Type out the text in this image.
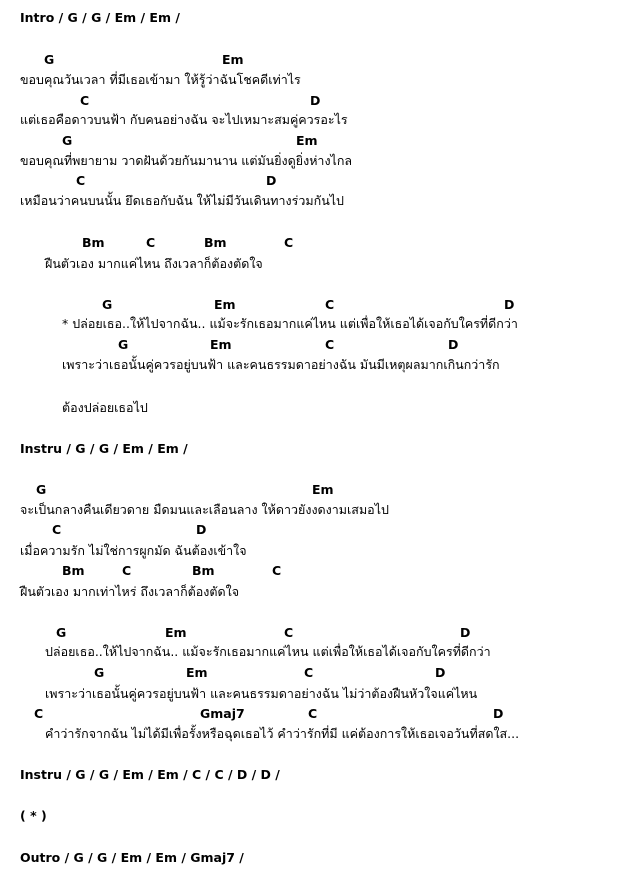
Intro / G / G / Em / Em /
G	Em
ขอบคุณวันเวลา ที่มีเธอเข้ามา ให้รู้ว่าฉันโชคดีเท่าไร
C	D
แต่เธอคือดาวบนฟ้า กับคนอย่างฉัน จะไปเหมาะสมคู่ควรอะไร
G	Em
ขอบคุณที่พยายาม วาดฝันด้วยกันมานาน แต่มันยิ่งดูยิ่งห่างไกล
C	D
เหมือนว่าคนบนนั้น ยึดเธอกับฉัน ให้ไม่มีวันเดินทางร่วมกันไป
Bm	C	Bm	C
ฝืนตัวเอง มากแค่ไหน ถึงเวลาก็ต้องตัดใจ
G	Em	C	D
* ปล่อยเธอ..ให้ไปจากฉัน.. แม้จะรักเธอมากแค่ไหน แต่เพื่อให้เธอได้เจอกับใครที่ดีกว่า
G	Em	C	D
เพราะว่าเธอนั้นคู่ควรอยู่บนฟ้า และคนธรรมดาอย่างฉัน มันมีเหตุผลมากเกินกว่ารัก
ต้องปล่อยเธอไป
Instru / G / G / Em / Em /
G	Em
จะเป็นกลางคืนเดียวดาย มืดมนและเลือนลาง ให้ดาวยังงดงามเสมอไป
C	D
เมื่อความรัก ไม่ใช่การผูกมัด ฉันต้องเข้าใจ
Bm	C	Bm	C
ฝืนตัวเอง มากเท่าไหร่ ถึงเวลาก็ต้องตัดใจ
G	Em	C	D
ปล่อยเธอ..ให้ไปจากฉัน.. แม้จะรักเธอมากแค่ไหน แต่เพื่อให้เธอได้เจอกับใครที่ดีกว่า
G	Em	C	D
เพราะว่าเธอนั้นคู่ควรอยู่บนฟ้า และคนธรรมดาอย่างฉัน ไม่ว่าต้องฝืนหัวใจแค่ไหน
C	Gmaj7	C	D
คำว่ารักจากฉัน ไม่ได้มีเพื่อรั้งหรือฉุดเธอไว้ คำว่ารักที่มี แค่ต้องการให้เธอเจอวันที่สดใส...
Instru / G / G / Em / Em / C / C / D / D /
( * )
Outro / G / G / Em / Em / Gmaj7 /
